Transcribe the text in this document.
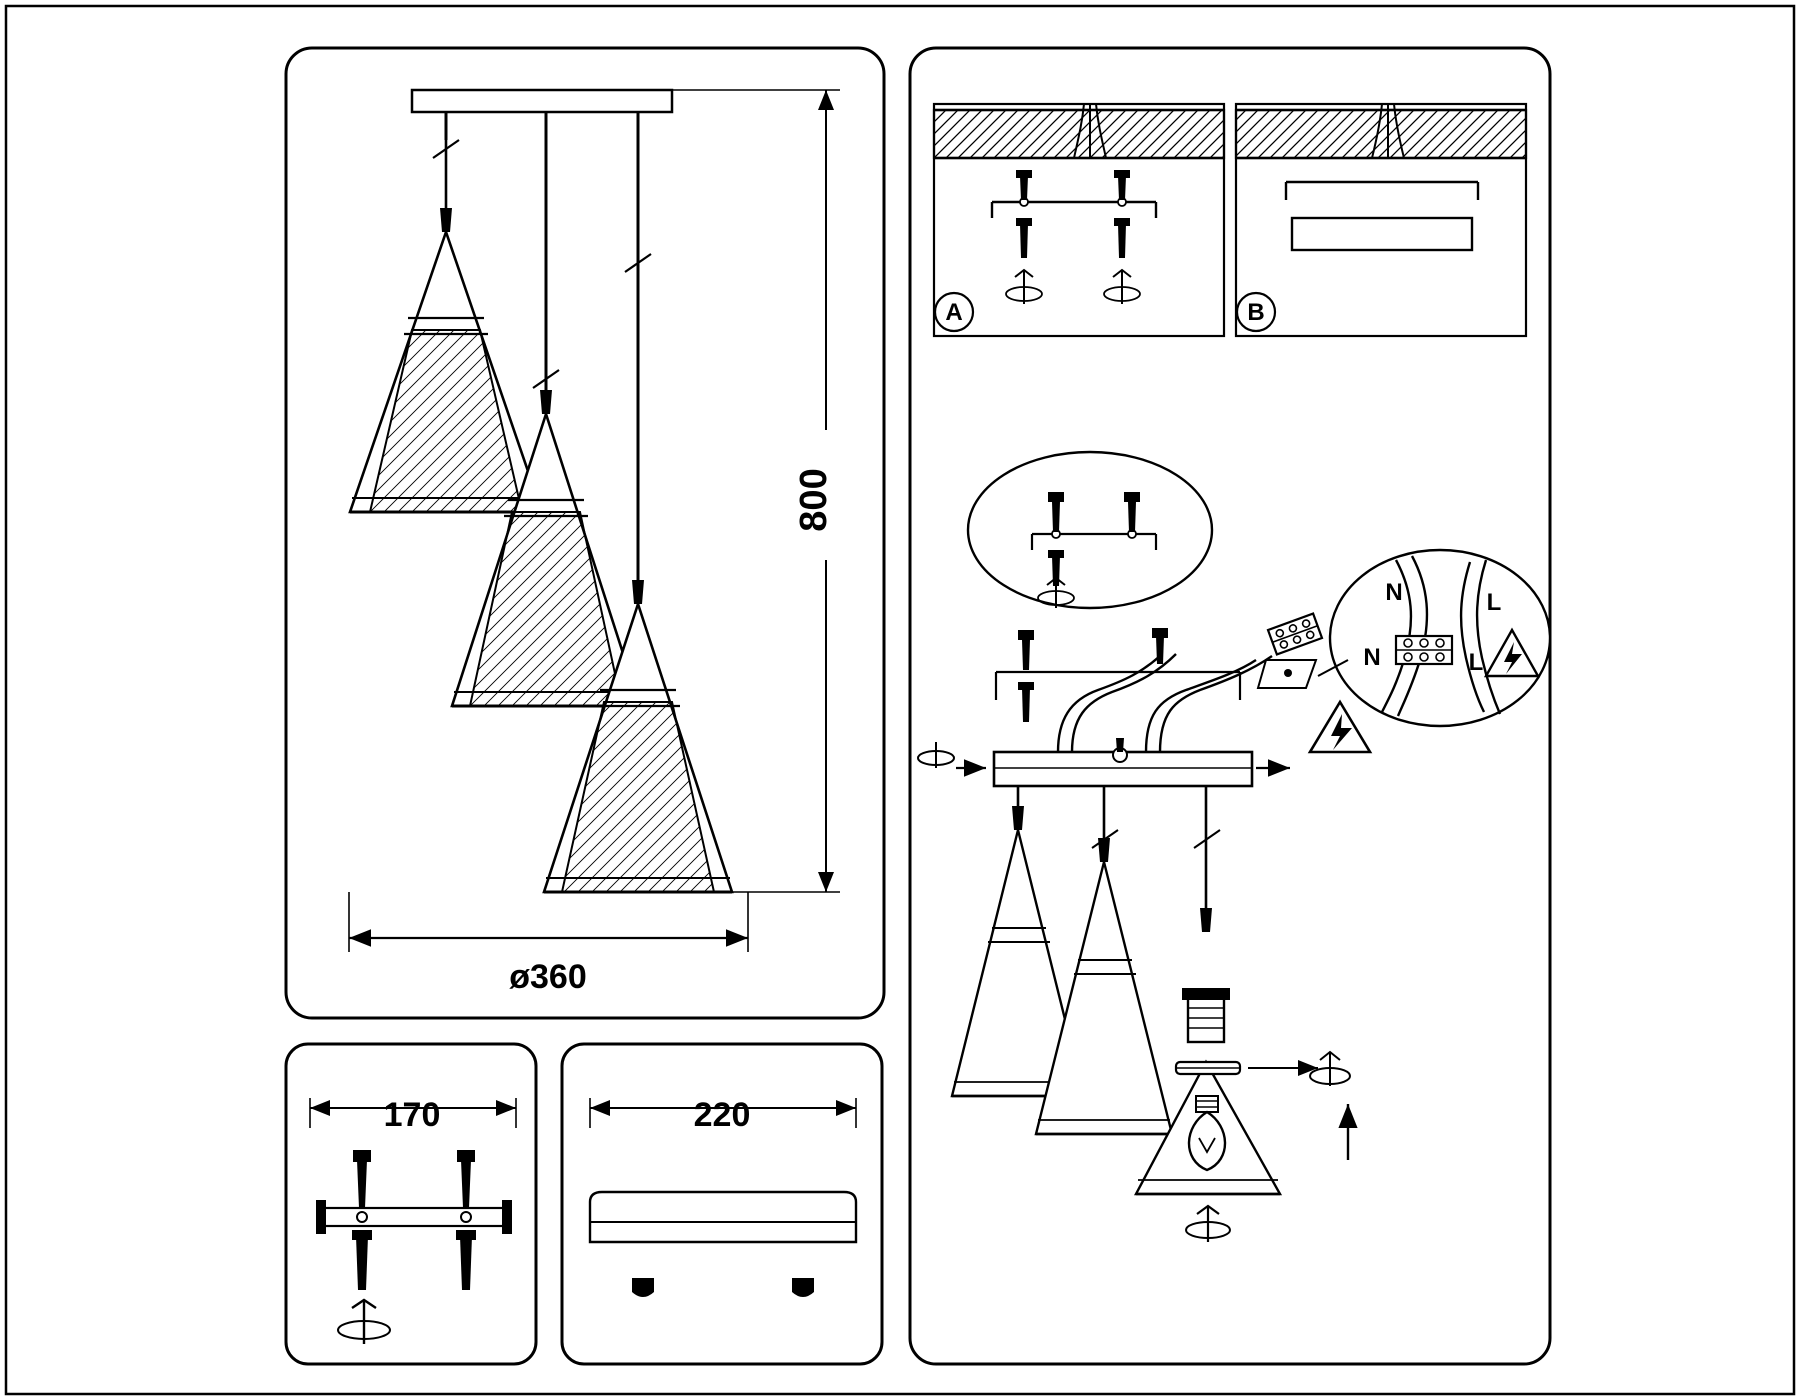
800
ø360
170	220
A	B
N	L
N	L
